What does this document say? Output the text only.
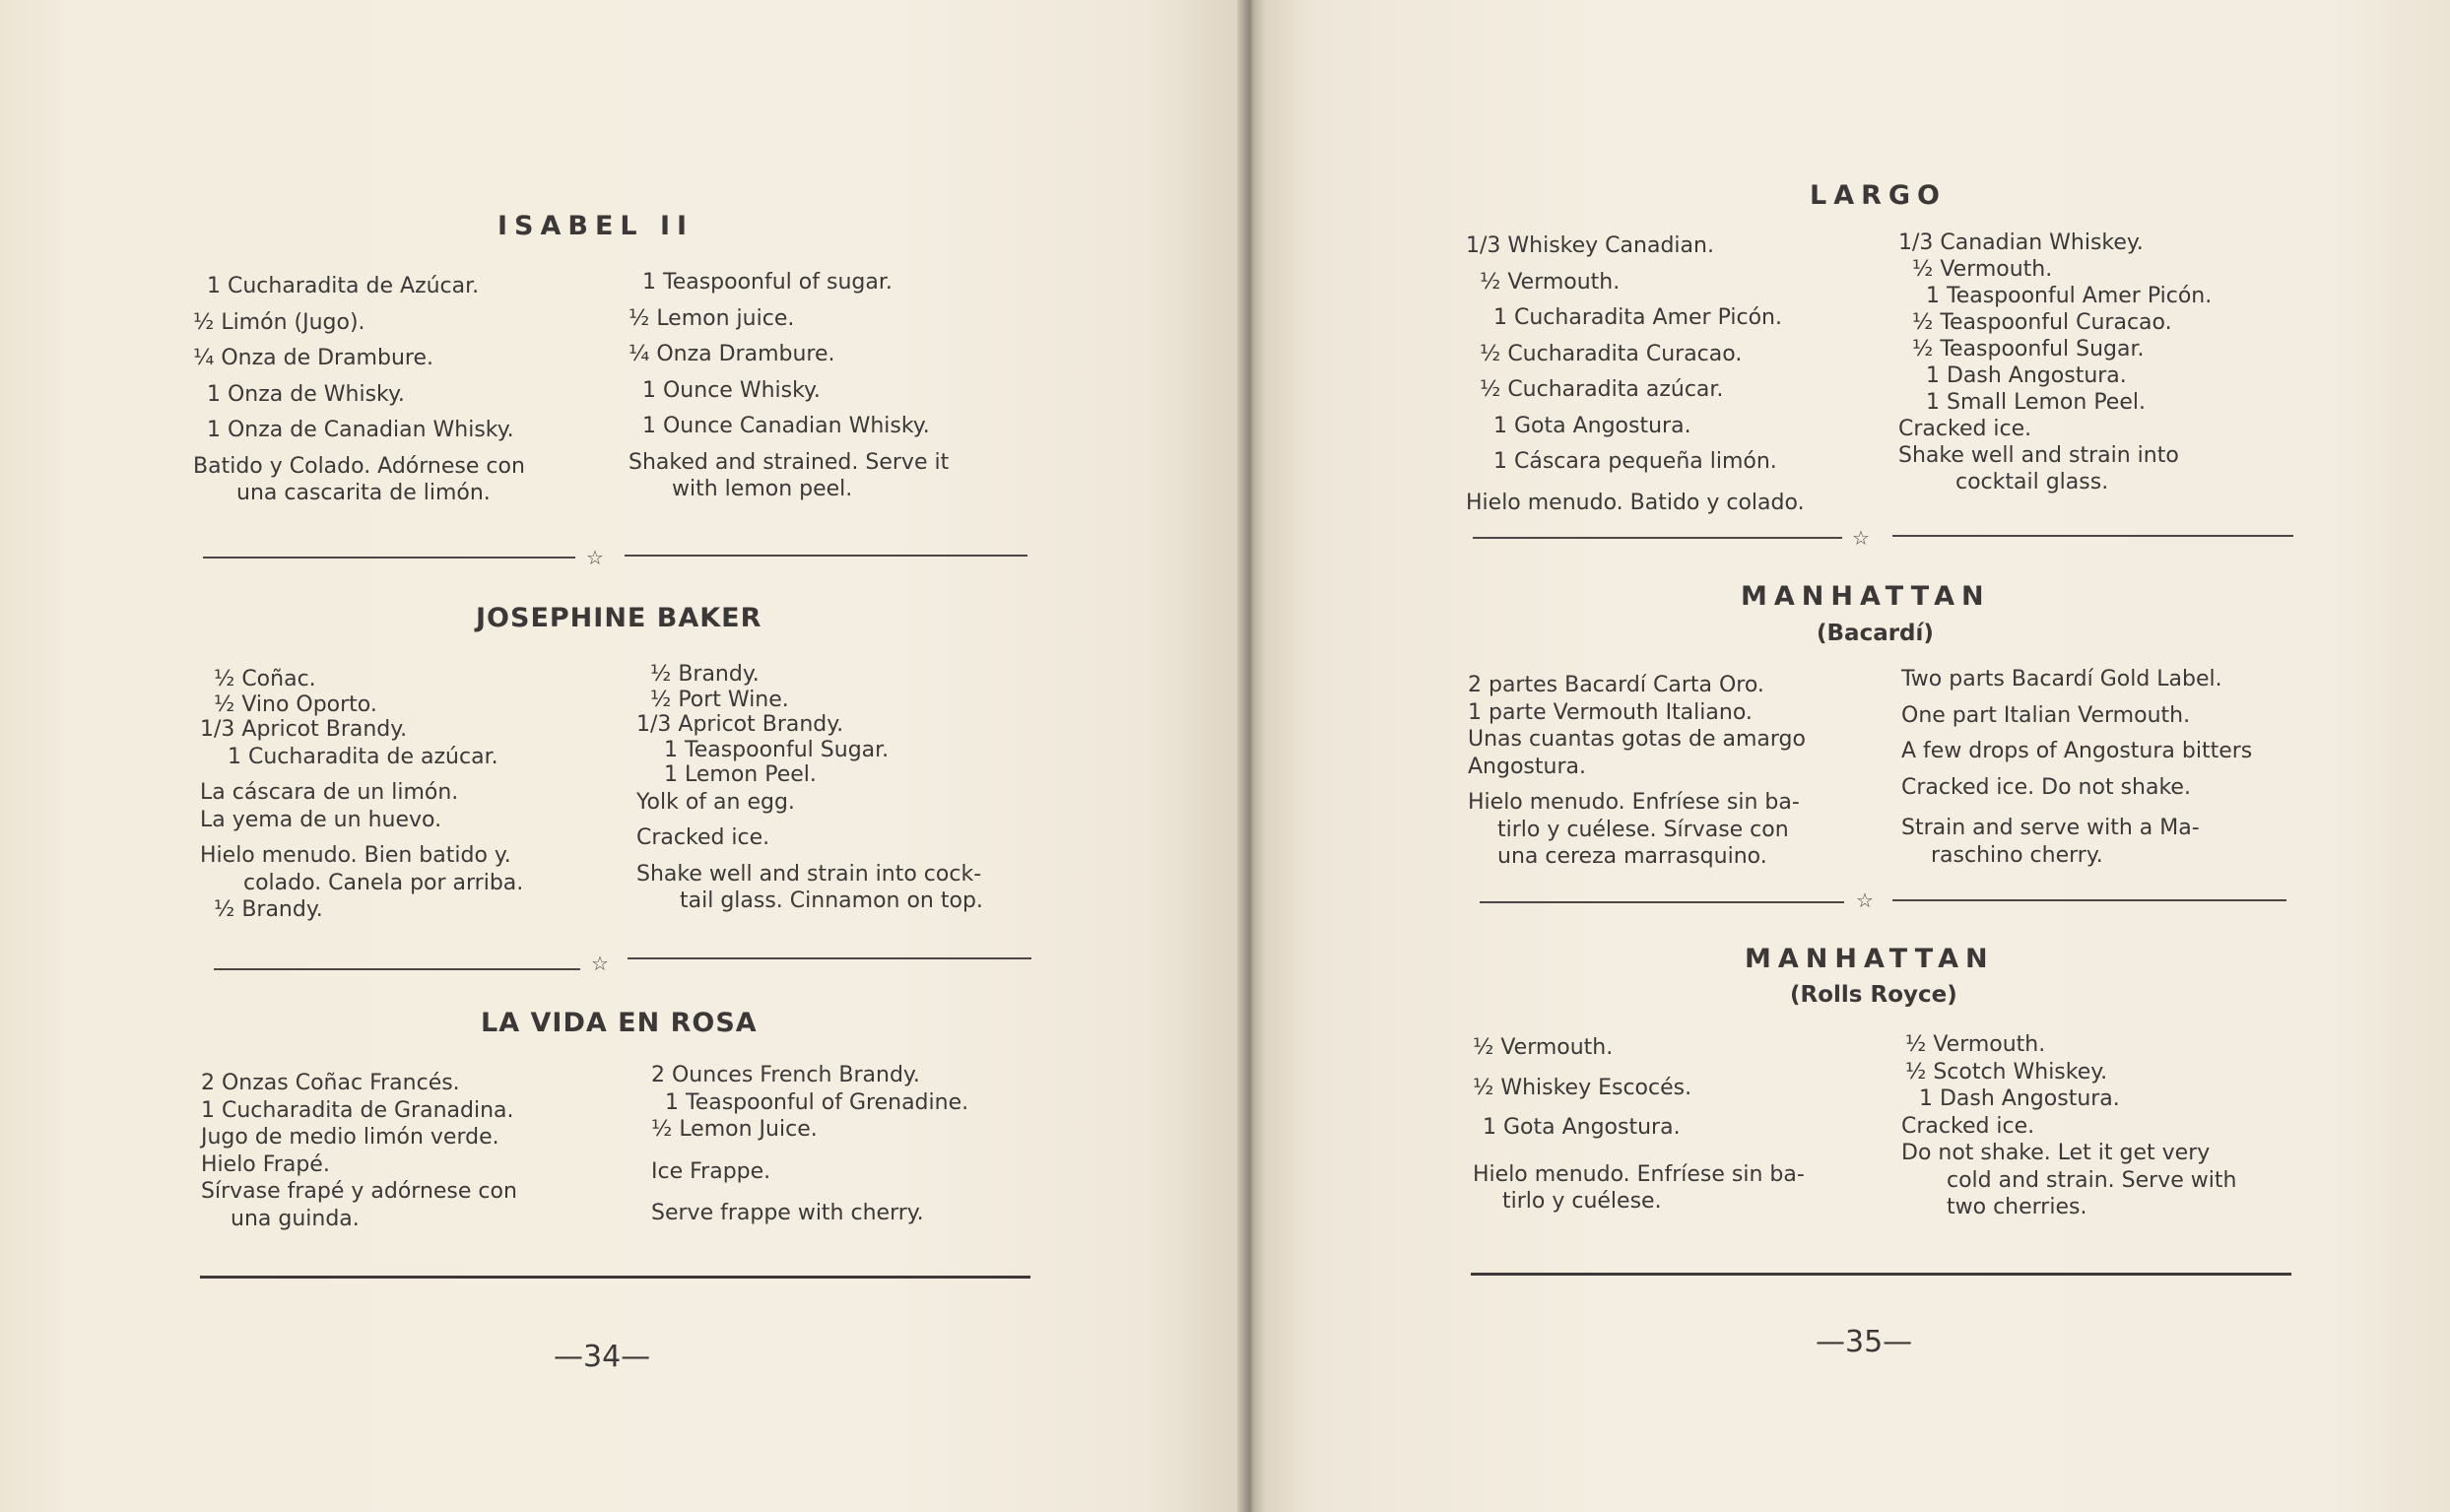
ISABEL II
1 Cucharadita de Azúcar.
½ Limón (Jugo).
¼ Onza de Drambure.
1 Onza de Whisky.
1 Onza de Canadian Whisky.
Batido y Colado. Adórnese con
una cascarita de limón.
1 Teaspoonful of sugar.
½ Lemon juice.
¼ Onza Drambure.
1 Ounce Whisky.
1 Ounce Canadian Whisky.
Shaked and strained. Serve it
with lemon peel.
☆
JOSEPHINE BAKER
½ Coñac.
½ Vino Oporto.
1/3 Apricot Brandy.
1 Cucharadita de azúcar.
La cáscara de un limón.
La yema de un huevo.
Hielo menudo. Bien batido y.
colado. Canela por arriba.
½ Brandy.
½ Brandy.
½ Port Wine.
1/3 Apricot Brandy.
1 Teaspoonful Sugar.
1 Lemon Peel.
Yolk of an egg.
Cracked ice.
Shake well and strain into cock-
tail glass. Cinnamon on top.
☆
LA VIDA EN ROSA
2 Onzas Coñac Francés.
1 Cucharadita de Granadina.
Jugo de medio limón verde.
Hielo Frapé.
Sírvase frapé y adórnese con
una guinda.
2 Ounces French Brandy.
1 Teaspoonful of Grenadine.
½ Lemon Juice.
Ice Frappe.
Serve frappe with cherry.
—34—
LARGO
1/3 Whiskey Canadian.
½ Vermouth.
1 Cucharadita Amer Picón.
½ Cucharadita Curacao.
½ Cucharadita azúcar.
1 Gota Angostura.
1 Cáscara pequeña limón.
Hielo menudo. Batido y colado.
1/3 Canadian Whiskey.
½ Vermouth.
1 Teaspoonful Amer Picón.
½ Teaspoonful Curacao.
½ Teaspoonful Sugar.
1 Dash Angostura.
1 Small Lemon Peel.
Cracked ice.
Shake well and strain into
cocktail glass.
☆
MANHATTAN
(Bacardí)
2 partes Bacardí Carta Oro.
1 parte Vermouth Italiano.
Unas cuantas gotas de amargo
Angostura.
Hielo menudo. Enfríese sin ba-
tirlo y cuélese. Sírvase con
una cereza marrasquino.
Two parts Bacardí Gold Label.
One part Italian Vermouth.
A few drops of Angostura bitters
Cracked ice. Do not shake.
Strain and serve with a Ma-
raschino cherry.
☆
MANHATTAN
(Rolls Royce)
½ Vermouth.
½ Whiskey Escocés.
1 Gota Angostura.
Hielo menudo. Enfríese sin ba-
tirlo y cuélese.
½ Vermouth.
½ Scotch Whiskey.
1 Dash Angostura.
Cracked ice.
Do not shake. Let it get very
cold and strain. Serve with
two cherries.
—35—
